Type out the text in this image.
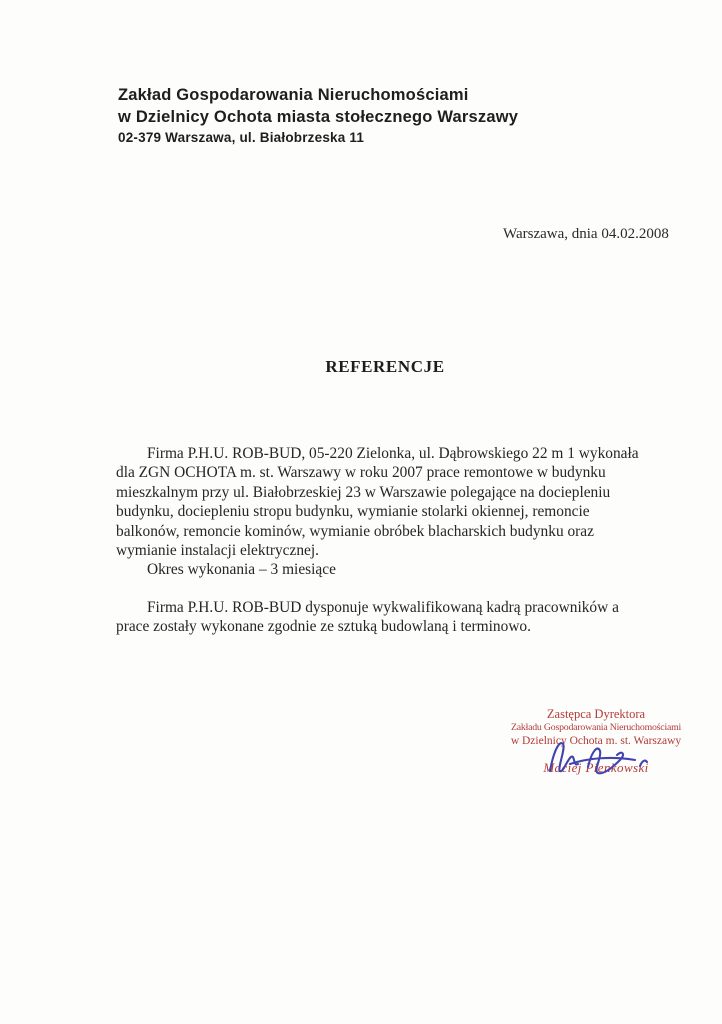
Zakład Gospodarowania Nieruchomościami
w Dzielnicy Ochota miasta stołecznego Warszawy
02-379 Warszawa, ul. Białobrzeska 11
Warszawa, dnia 04.02.2008
REFERENCJE

Firma P.H.U. ROB-BUD, 05-220 Zielonka, ul. Dąbrowskiego 22 m 1 wykonała dla ZGN OCHOTA m. st. Warszawy w roku 2007 prace remontowe w budynku mieszkalnym przy ul. Białobrzeskiej 23 w Warszawie polegające na dociepleniu budynku, dociepleniu stropu budynku, wymianie stolarki okiennej, remoncie balkonów, remoncie kominów, wymianie obróbek blacharskich budynku oraz wymianie instalacji elektrycznej.

Okres wykonania – 3 miesiące

Firma P.H.U. ROB-BUD dysponuje wykwalifikowaną kadrą pracowników a prace zostały wykonane zgodnie ze sztuką budowlaną i terminowo.

Zastępca Dyrektora
Zakładu Gospodarowania Nieruchomościami
w Dzielnicy Ochota m. st. Warszawy
Maciej Pienkowski
